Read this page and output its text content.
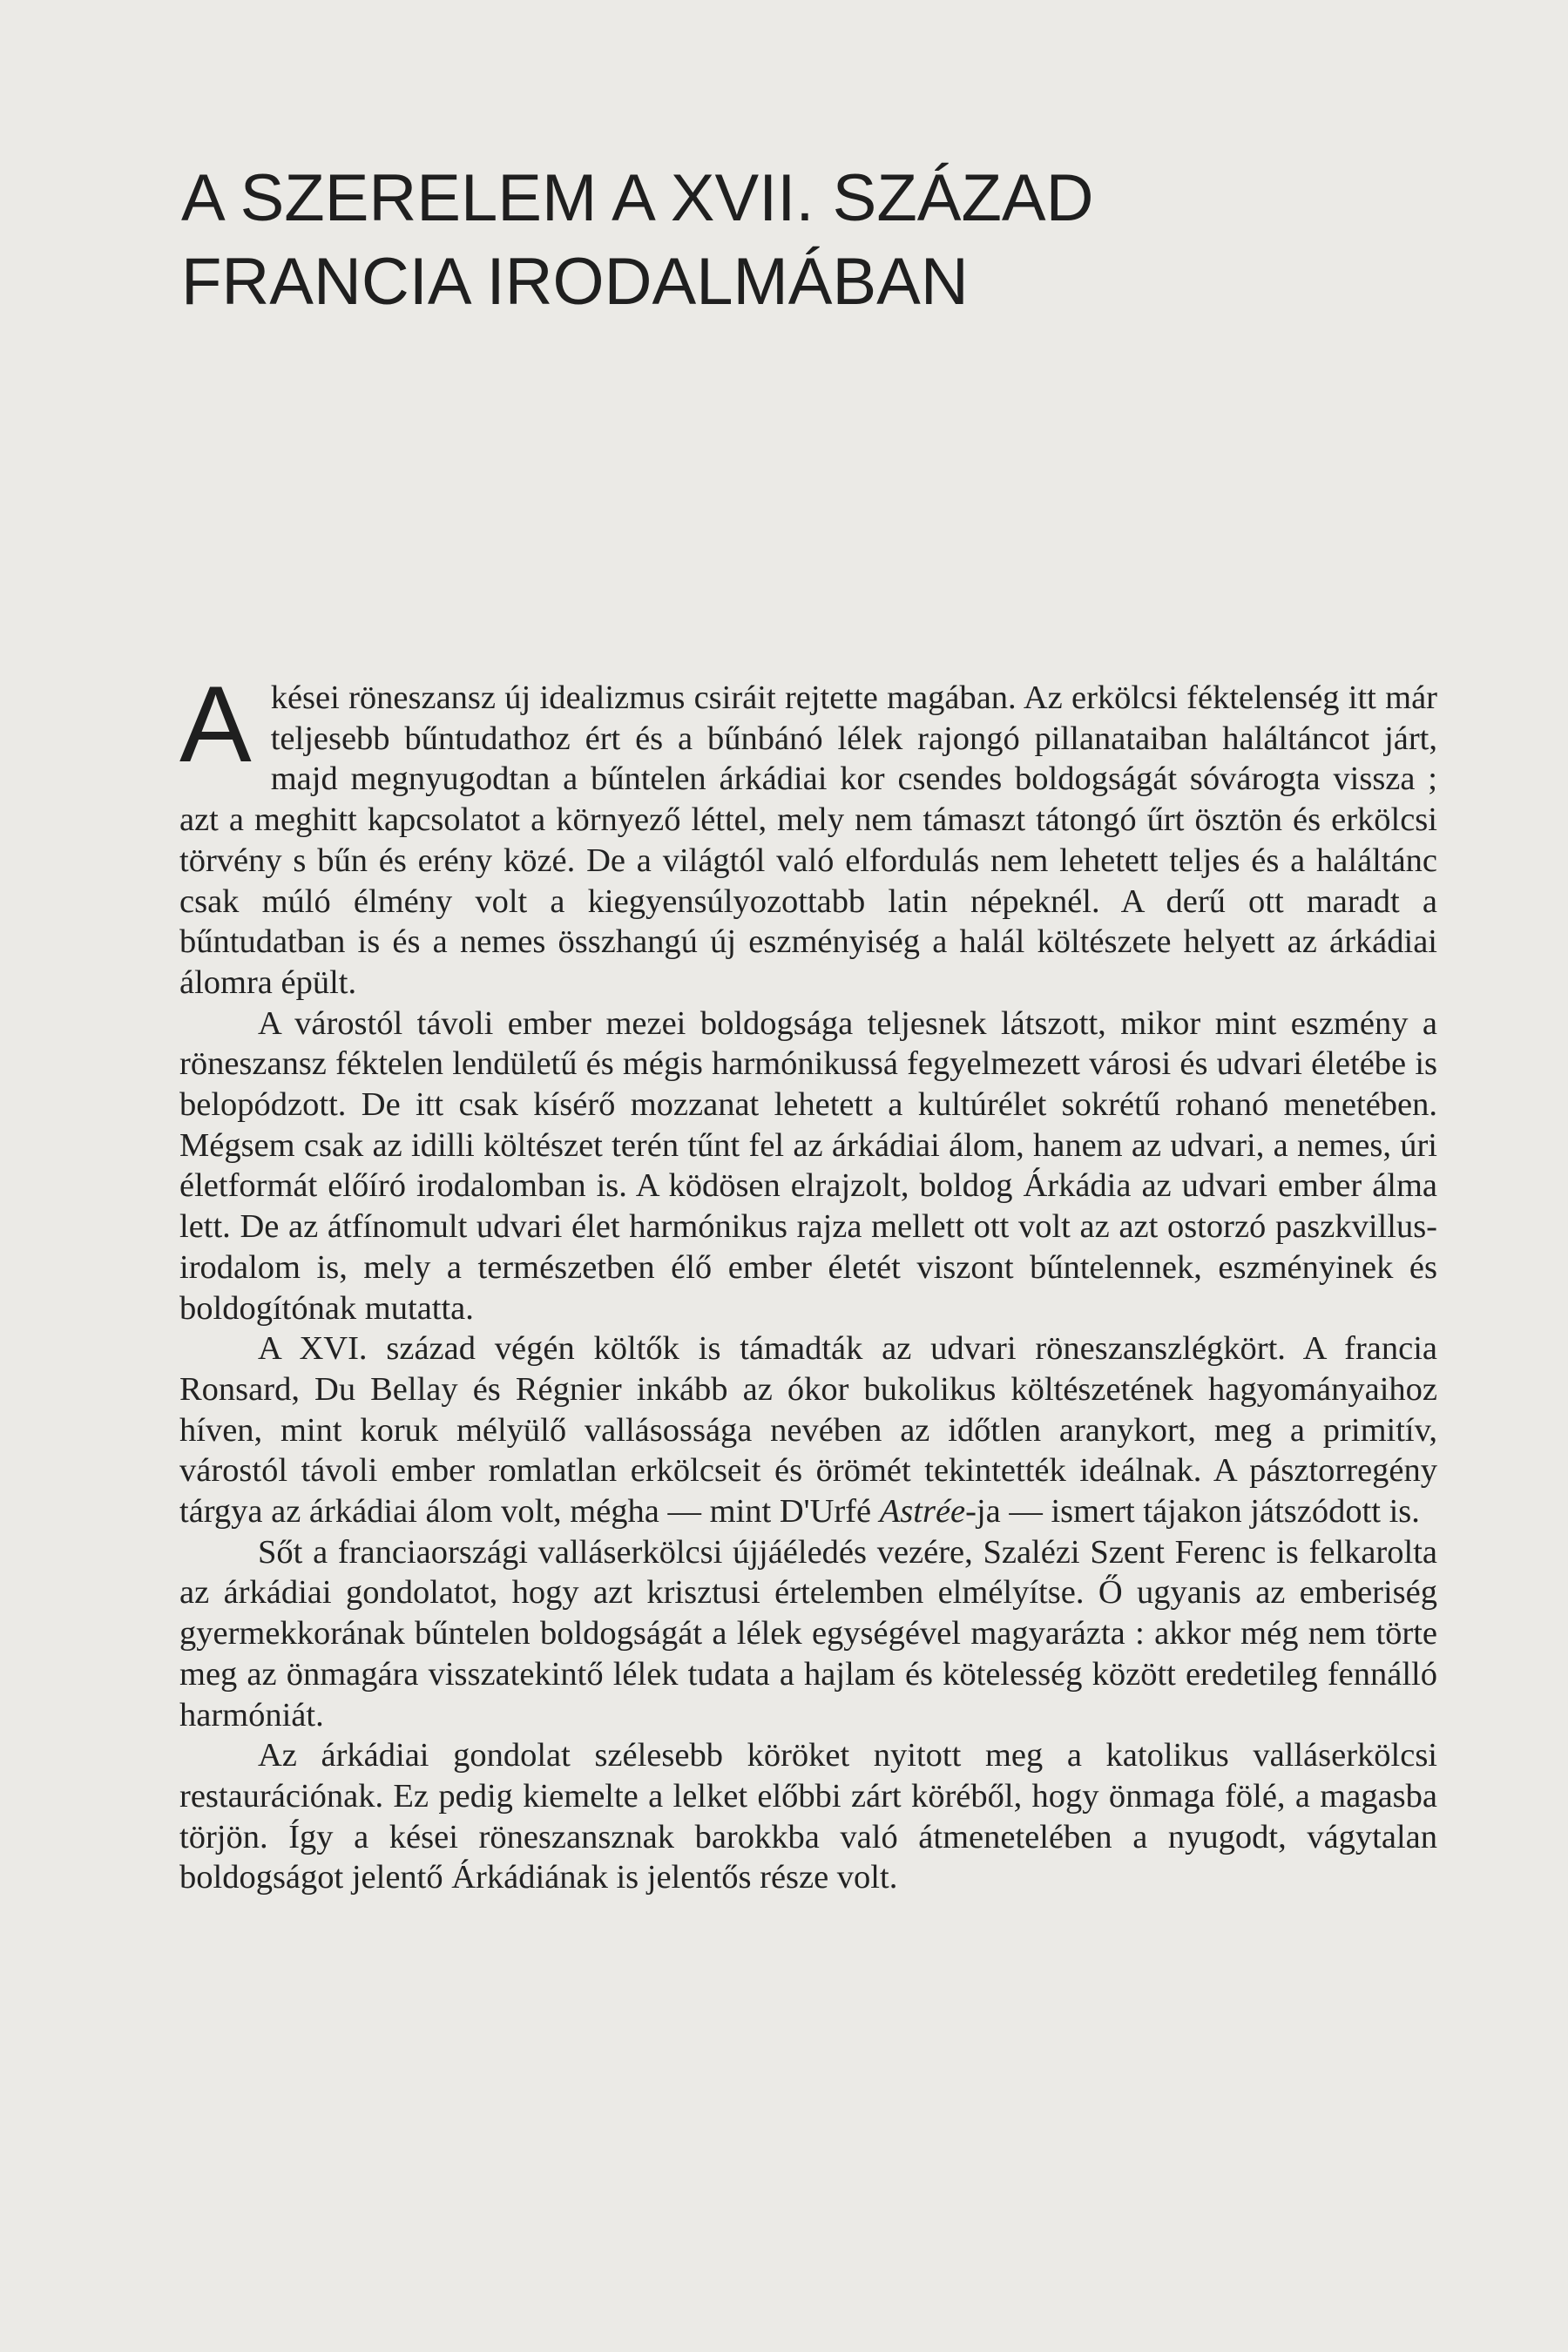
A SZERELEM A XVII. SZÁZAD
FRANCIA IRODALMÁBAN

Akései röneszansz új idealizmus csiráit rejtette magában. Az erkölcsi féktelenség itt már teljesebb bűntudathoz ért és a bűnbánó lélek rajongó pillanataiban haláltáncot járt, majd megnyugodtan a bűntelen árkádiai kor csendes boldogságát sóvárogta vissza ; azt a meghitt kapcsolatot a környező léttel, mely nem támaszt tátongó űrt ösztön és erkölcsi törvény s bűn és erény közé. De a világtól való elfordulás nem lehetett teljes és a haláltánc csak múló élmény volt a kiegyensúlyozottabb latin népeknél. A derű ott maradt a bűntudatban is és a nemes összhangú új eszményiség a halál költészete helyett az árkádiai álomra épült.

A várostól távoli ember mezei boldogsága teljesnek látszott, mikor mint eszmény a röneszansz féktelen lendületű és mégis harmónikussá fegyelmezett városi és udvari életébe is belopódzott. De itt csak kísérő mozzanat lehetett a kultúrélet sokrétű rohanó menetében. Mégsem csak az idilli költészet terén tűnt fel az árkádiai álom, hanem az udvari, a nemes, úri életformát előíró irodalomban is. A ködösen elrajzolt, boldog Árkádia az udvari ember álma lett. De az átfínomult udvari élet harmónikus rajza mellett ott volt az azt ostorzó paszkvillus-irodalom is, mely a természetben élő ember életét viszont bűntelennek, eszményinek és boldogítónak mutatta.

A XVI. század végén költők is támadták az udvari röneszanszlégkört. A francia Ronsard, Du Bellay és Régnier inkább az ókor bukolikus költészetének hagyományaihoz híven, mint koruk mélyülő vallásossága nevében az időtlen aranykort, meg a primitív, várostól távoli ember romlatlan erkölcseit és örömét tekintették ideálnak. A pásztorregény tárgya az árkádiai álom volt, mégha — mint D'Urfé Astrée-ja — ismert tájakon játszódott is.

Sőt a franciaországi valláserkölcsi újjáéledés vezére, Szalézi Szent Ferenc is felkarolta az árkádiai gondolatot, hogy azt krisztusi értelemben elmélyítse. Ő ugyanis az emberiség gyermekkorának bűntelen boldogságát a lélek egységével magyarázta : akkor még nem törte meg az önmagára visszatekintő lélek tudata a hajlam és kötelesség között eredetileg fennálló harmóniát.

Az árkádiai gondolat szélesebb köröket nyitott meg a katolikus valláserkölcsi restaurációnak. Ez pedig kiemelte a lelket előbbi zárt köréből, hogy önmaga fölé, a magasba törjön. Így a kései röneszansznak barokkba való átmenetelében a nyugodt, vágytalan boldogságot jelentő Árkádiának is jelentős része volt.
